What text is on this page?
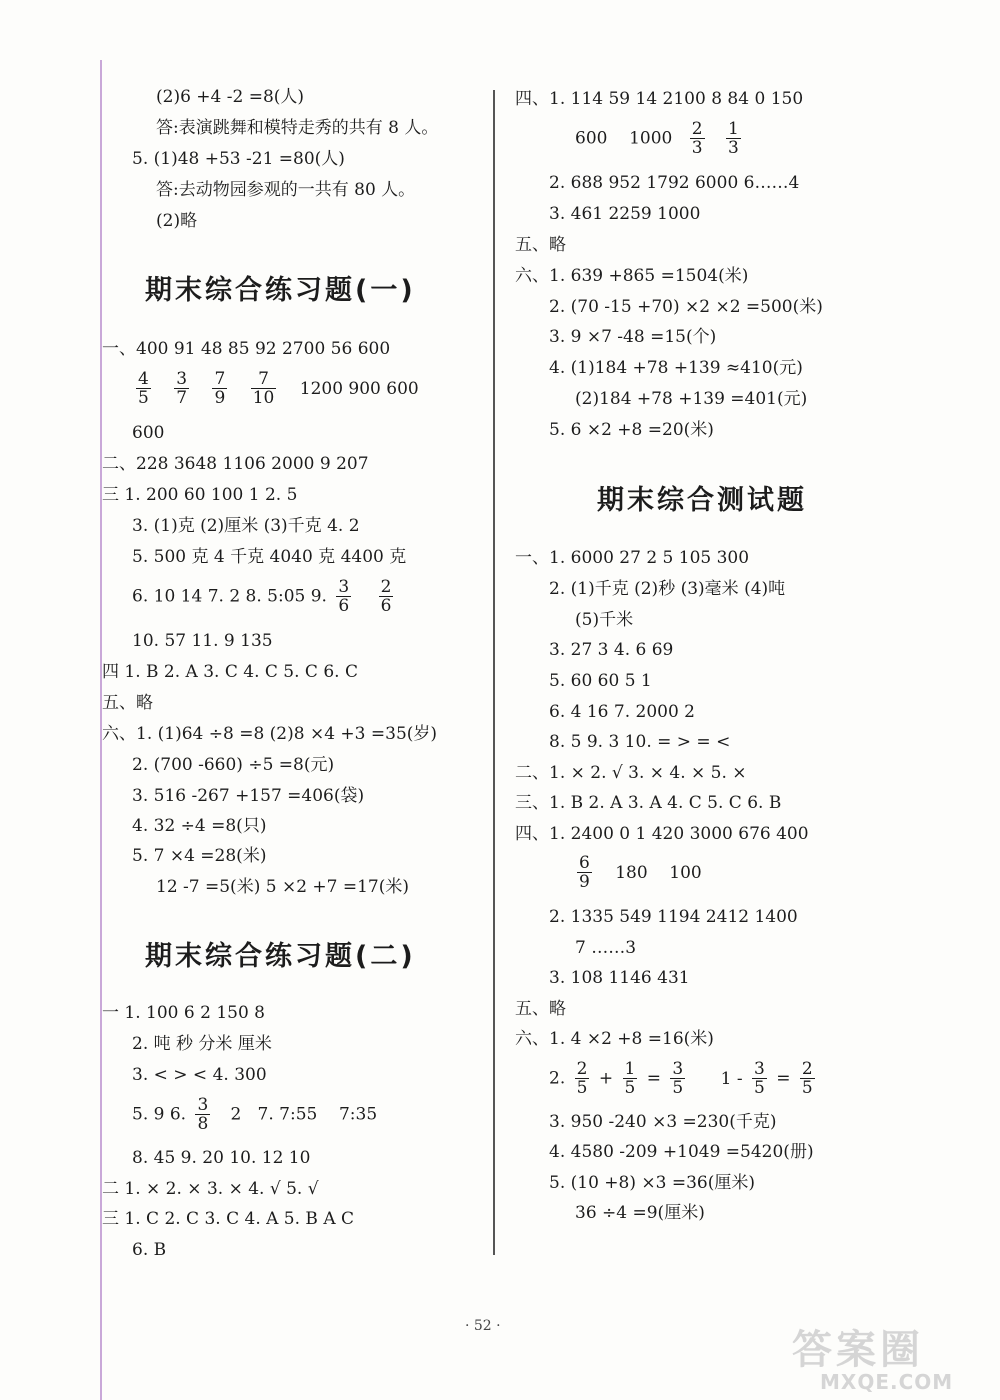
(2)6 +4 -2 =8(人)
答:表演跳舞和模特走秀的共有 8 人。
5. (1)48 +53 -21 =80(人)
答:去动物园参观的一共有 80 人。
(2)略
期末综合练习题(一)
一、400 91 48 85 92 2700 56 600
$\frac{4}{5}$
$\frac{3}{7}$
$\frac{7}{9}$
$\frac{7}{10} 1200$ 900 600
600
二、228 3648 1106 2000 9 207
三 1. 200 60 100 1 2. 5
3. (1)克 (2)厘米 (3)千克 4. 2
5. 500 克 4 千克 4040 克 4400 克
6. 10 14 7. 2 8. 5:05 9. $\frac{3}{6}$
$\frac{2}{6}$
10. 57 11. 9 135
四 1. B 2. A 3. C 4. C 5. C 6. C
五、略
六、1. (1)64 ÷8 =8 (2)8 ×4 +3 =35(岁)
2. (700 -660) ÷5 =8(元)
3. 516 -267 +157 =406(袋)
4. 32 ÷4 =8(只)
5. 7 ×4 =28(米)
12 -7 =5(米) 5 ×2 +7 =17(米)
期末综合练习题(二)
一 1. 100 6 2 150 8
2. 吨 秒 分米 厘米
3. < > < 4. 300
5. 9 6. $\frac{3}{8} 2$   7. 7:55    7:35
8. 45 9. 20 10. 12 10
二 1. × 2. × 3. × 4. √ 5. √
三 1. C 2. C 3. C 4. A 5. B A C
6. B
四、1. 114 59 14 2100 8 84 0 150
600    $1000 \frac{2}{3}$
$\frac{1}{3}$
2. 688 952 1792 6000 6……4
3. 461 2259 1000
五、略
六、1. 639 +865 =1504(米)
2. (70 -15 +70) ×2 ×2 =500(米)
3. 9 ×7 -48 =15(个)
4. (1)184 +78 +139 ≈410(元)
(2)184 +78 +139 =401(元)
5. 6 ×2 +8 =20(米)
期末综合测试题
一、1. 6000 27 2 5 105 300
2. (1)千克 (2)秒 (3)毫米 (4)吨
(5)千米
3. 27 3 4. 6 69
5. 60 60 5 1
6. 4 16 7. 2000 2
8. 5 9. 3 10. = > = <
二、1. × 2. √ 3. × 4. × 5. ×
三、1. B 2. A 3. A 4. C 5. C 6. B
四、1. 2400 0 1 420 3000 676 400
$\frac{6}{9} 180$    100
2. 1335 549 1194 2412 1400
7 ……3
3. 108 1146 431
五、略
六、1. 4 ×2 +8 =16(米)
2. $\frac{2}{5} + \frac{1}{5} = \frac{3}{5} 1 - \frac{3}{5} = \frac{2}{5}$
3. 950 -240 ×3 =230(千克)
4. 4580 -209 +1049 =5420(册)
5. (10 +8) ×3 =36(厘米)
36 ÷4 =9(厘米)
· 52 ·
答案圈
MXQE.COM
